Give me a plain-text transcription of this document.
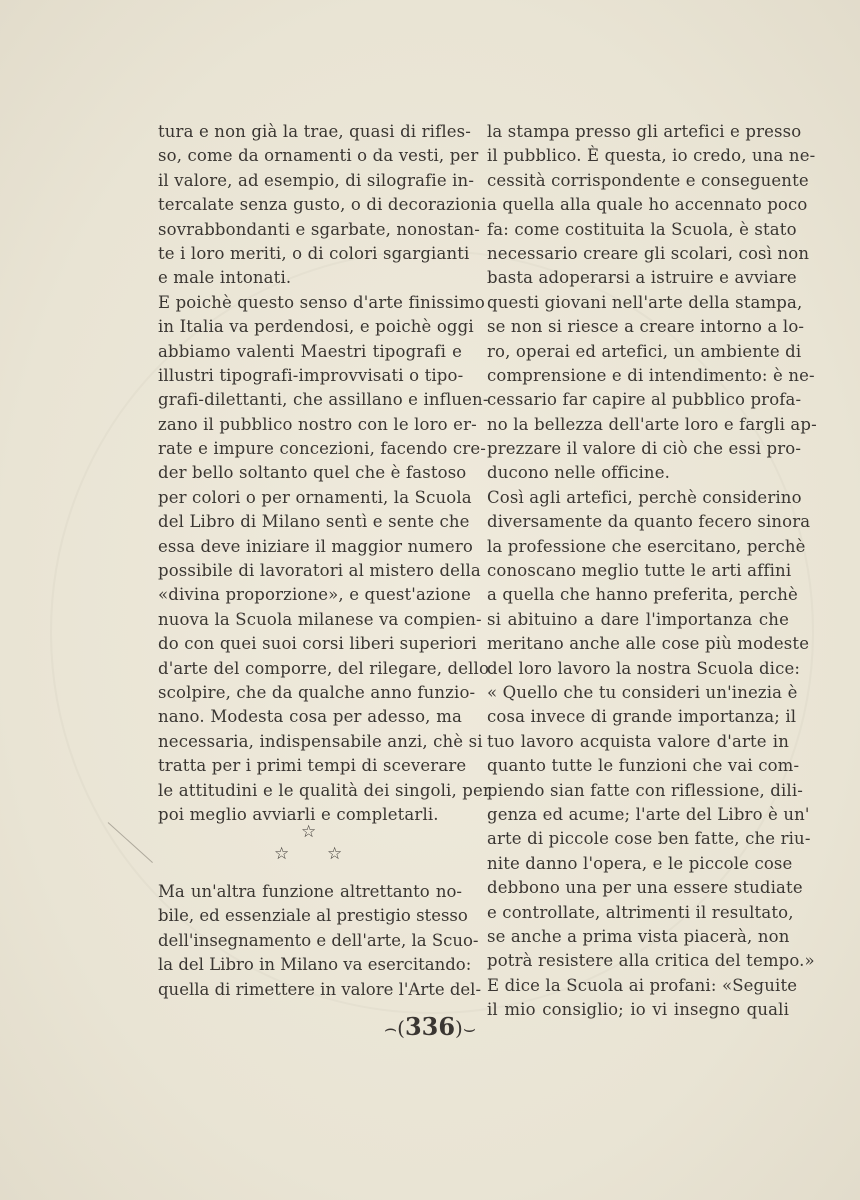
tura e non già la trae, quasi di rifles-
so, come da ornamenti o da vesti, per
il valore, ad esempio, di silografie in-
tercalate senza gusto, o di decorazioni
sovrabbondanti e sgarbate, nonostan-
te i loro meriti, o di colori sgargianti
e male intonati.
E poichè questo senso d'arte finissimo
in Italia va perdendosi, e poichè oggi
abbiamo valenti Maestri tipografi e
illustri tipografi-improvvisati o tipo-
grafi-dilettanti, che assillano e influen-
zano il pubblico nostro con le loro er-
rate e impure concezioni, facendo cre-
der bello soltanto quel che è fastoso
per colori o per ornamenti, la Scuola
del Libro di Milano sentì e sente che
essa deve iniziare il maggior numero
possibile di lavoratori al mistero della
«divina proporzione», e quest'azione
nuova la Scuola milanese va compien-
do con quei suoi corsi liberi superiori
d'arte del comporre, del rilegare, dello
scolpire, che da qualche anno funzio-
nano. Modesta cosa per adesso, ma
necessaria, indispensabile anzi, chè si
tratta per i primi tempi di sceverare
le attitudini e le qualità dei singoli, per
poi meglio avviarli e completarli.
☆
☆ ☆
Ma un'altra funzione altrettanto no-
bile, ed essenziale al prestigio stesso
dell'insegnamento e dell'arte, la Scuo-
la del Libro in Milano va esercitando:
quella di rimettere in valore l'Arte del-
la stampa presso gli artefici e presso
il pubblico. È questa, io credo, una ne-
cessità corrispondente e conseguente
a quella alla quale ho accennato poco
fa: come costituita la Scuola, è stato
necessario creare gli scolari, così non
basta adoperarsi a istruire e avviare
questi giovani nell'arte della stampa,
se non si riesce a creare intorno a lo-
ro, operai ed artefici, un ambiente di
comprensione e di intendimento: è ne-
cessario far capire al pubblico profa-
no la bellezza dell'arte loro e fargli ap-
prezzare il valore di ciò che essi pro-
ducono nelle officine.
Così agli artefici, perchè considerino
diversamente da quanto fecero sinora
la professione che esercitano, perchè
conoscano meglio tutte le arti affini
a quella che hanno preferita, perchè
si abituino a dare l'importanza che
meritano anche alle cose più modeste
del loro lavoro la nostra Scuola dice:
« Quello che tu consideri un'inezia è
cosa invece di grande importanza; il
tuo lavoro acquista valore d'arte in
quanto tutte le funzioni che vai com-
piendo sian fatte con riflessione, dili-
genza ed acume; l'arte del Libro è un'
arte di piccole cose ben fatte, che riu-
nite danno l'opera, e le piccole cose
debbono una per una essere studiate
e controllate, altrimenti il resultato,
se anche a prima vista piacerà, non
potrà resistere alla critica del tempo.»
E dice la Scuola ai profani: «Seguite
il mio consiglio; io vi insegno quali
⌢(336)⌣
